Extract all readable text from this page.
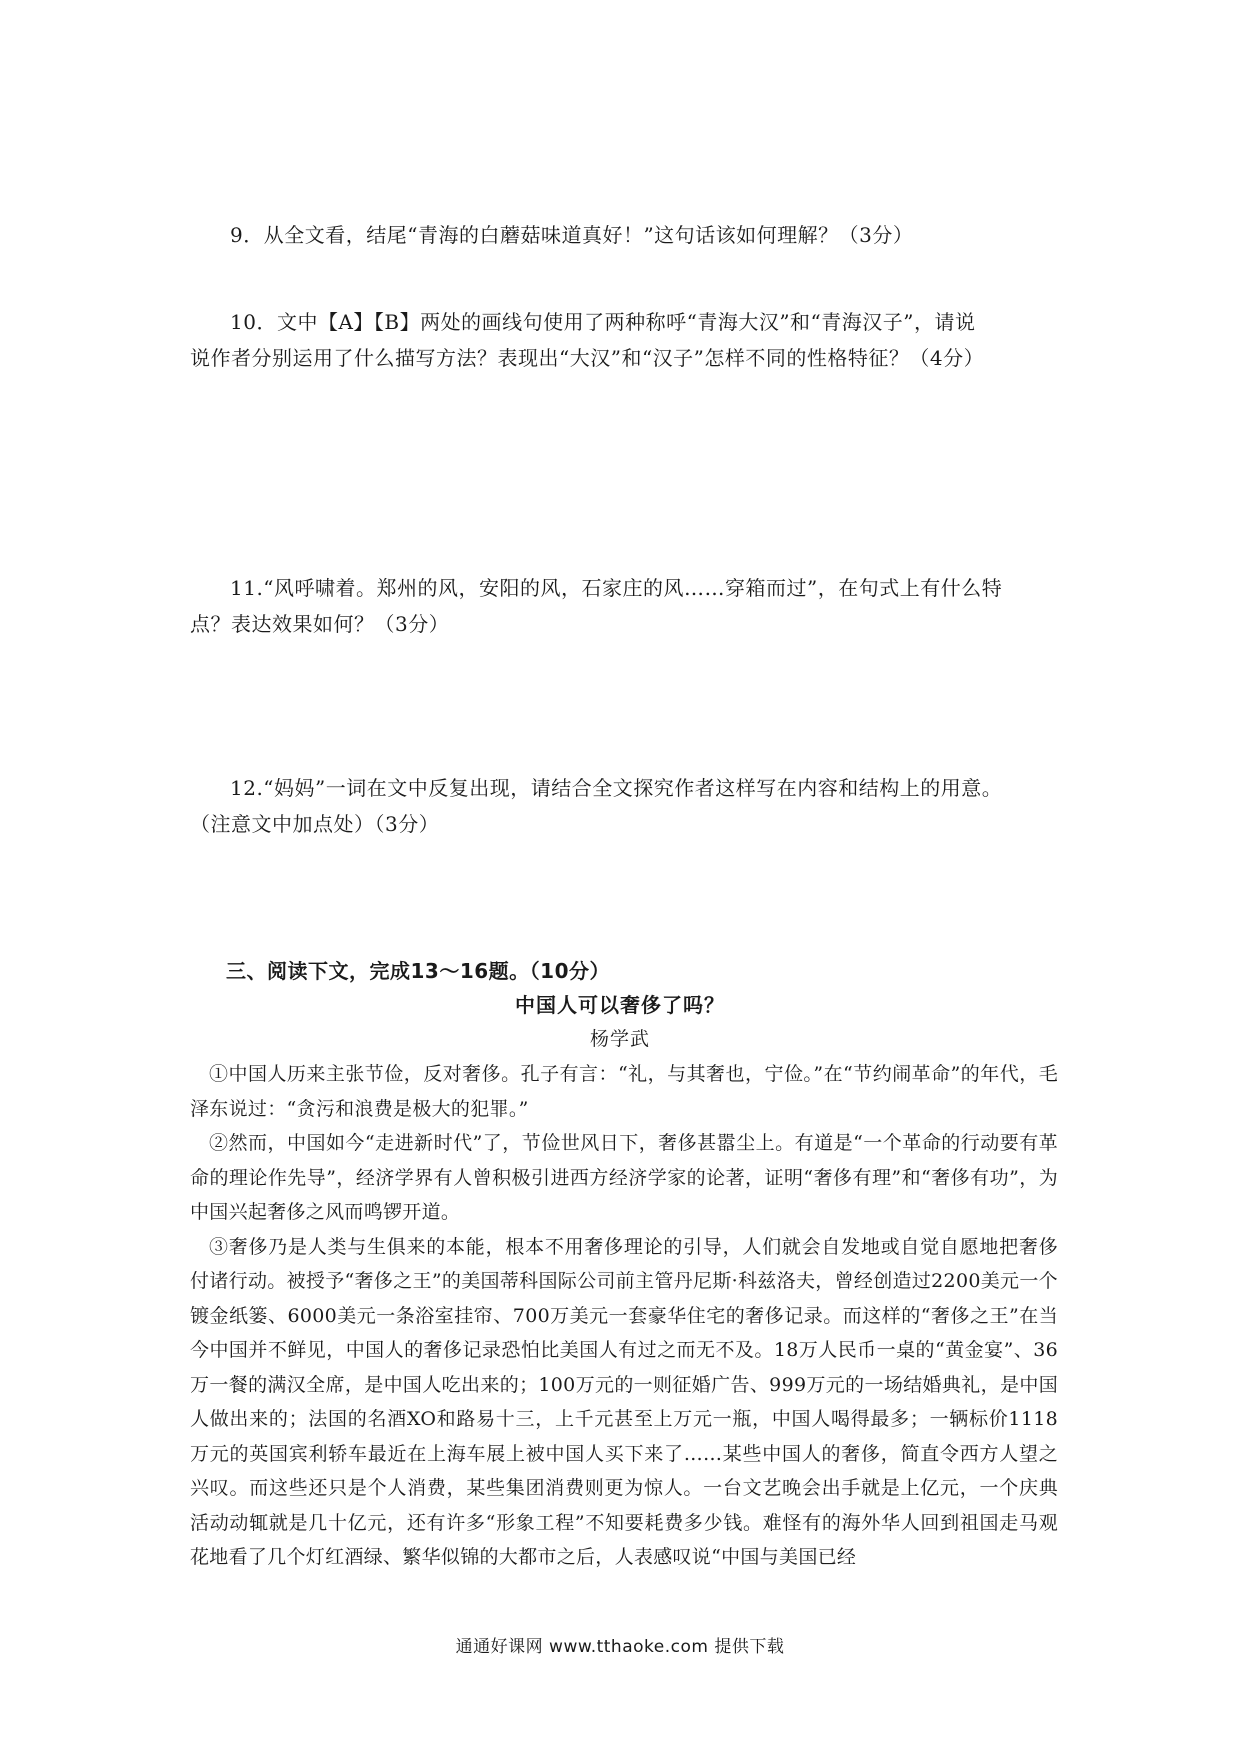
9．从全文看，结尾“青海的白蘑菇味道真好！”这句话该如何理解？（3分）

10．文中【A】【B】两处的画线句使用了两种称呼“青海大汉”和“青海汉子”，请说

说作者分别运用了什么描写方法？表现出“大汉”和“汉子”怎样不同的性格特征？（4分）

11.“风呼啸着。郑州的风，安阳的风，石家庄的风……穿箱而过”，在句式上有什么特

点？表达效果如何？（3分）

12.“妈妈”一词在文中反复出现，请结合全文探究作者这样写在内容和结构上的用意。

（注意文中加点处）（3分）

三、阅读下文，完成13～16题。（10分）
中国人可以奢侈了吗？
杨学武

①中国人历来主张节俭，反对奢侈。孔子有言：“礼，与其奢也，宁俭。”在“节约闹革命”的年代，毛泽东说过：“贪污和浪费是极大的犯罪。”

②然而，中国如今“走进新时代”了，节俭世风日下，奢侈甚嚣尘上。有道是“一个革命的行动要有革命的理论作先导”，经济学界有人曾积极引进西方经济学家的论著，证明“奢侈有理”和“奢侈有功”，为中国兴起奢侈之风而鸣锣开道。

③奢侈乃是人类与生俱来的本能，根本不用奢侈理论的引导，人们就会自发地或自觉自愿地把奢侈付诸行动。被授予“奢侈之王”的美国蒂科国际公司前主管丹尼斯·科兹洛夫，曾经创造过2200美元一个镀金纸篓、6000美元一条浴室挂帘、700万美元一套豪华住宅的奢侈记录。而这样的“奢侈之王”在当今中国并不鲜见，中国人的奢侈记录恐怕比美国人有过之而无不及。18万人民币一桌的“黄金宴”、36万一餐的满汉全席，是中国人吃出来的；100万元的一则征婚广告、999万元的一场结婚典礼，是中国人做出来的；法国的名酒XO和路易十三，上千元甚至上万元一瓶，中国人喝得最多；一辆标价1118万元的英国宾利轿车最近在上海车展上被中国人买下来了……某些中国人的奢侈，简直令西方人望之兴叹。而这些还只是个人消费，某些集团消费则更为惊人。一台文艺晚会出手就是上亿元，一个庆典活动动辄就是几十亿元，还有许多“形象工程”不知要耗费多少钱。难怪有的海外华人回到祖国走马观花地看了几个灯红酒绿、繁华似锦的大都市之后，人表感叹说“中国与美国已经

通通好课网 www.tthaoke.com 提供下载
